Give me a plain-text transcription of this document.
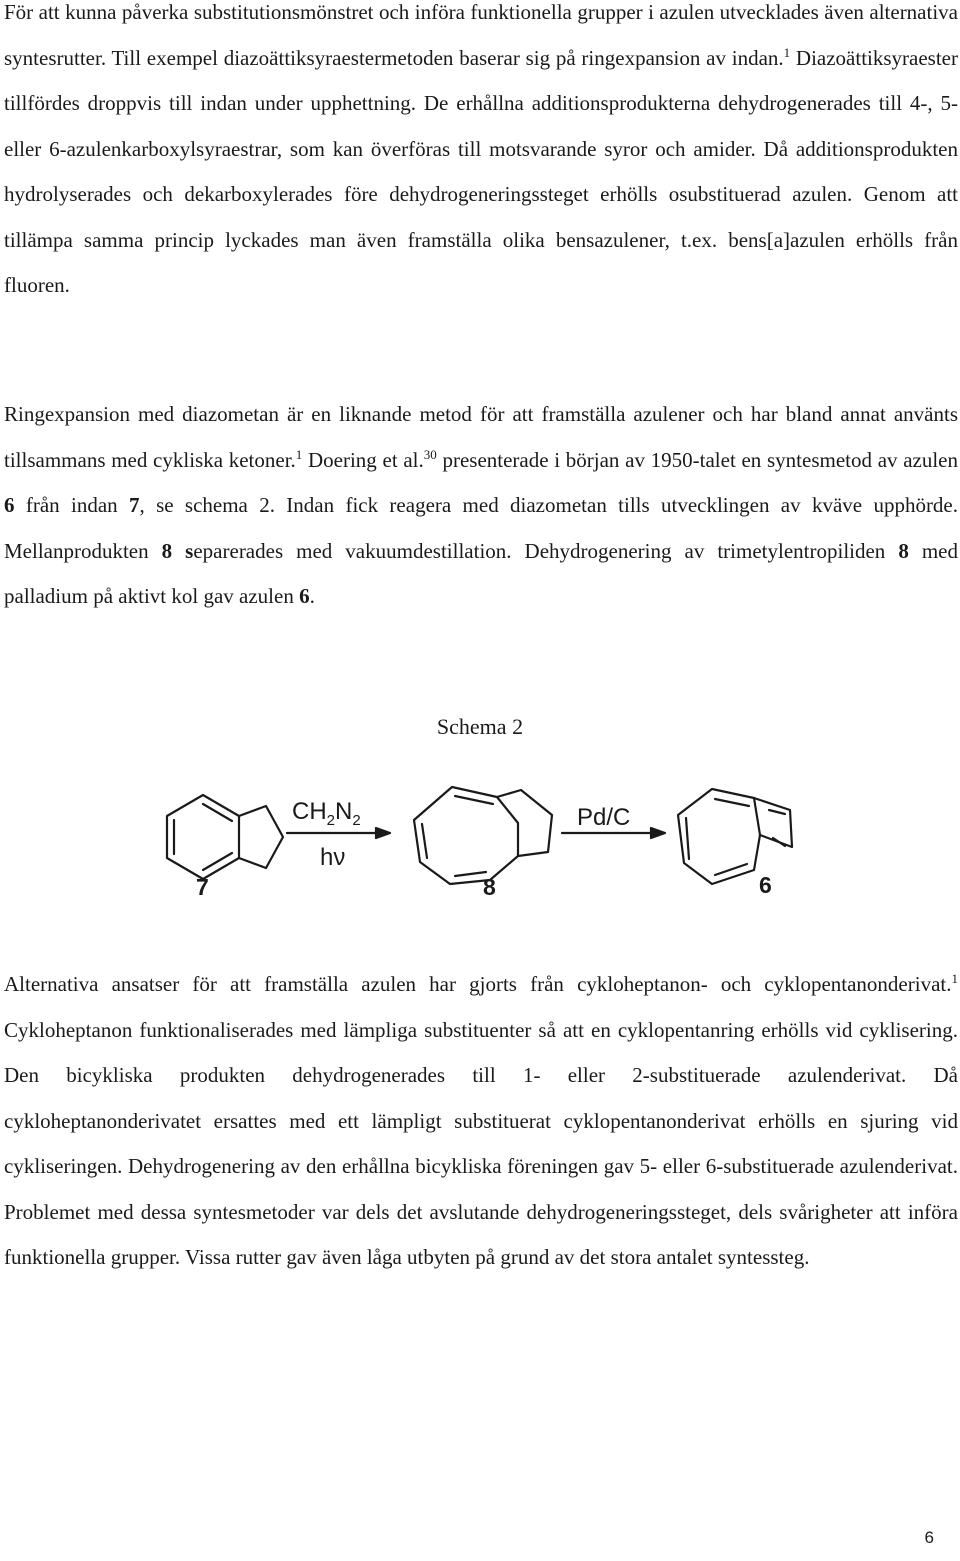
För att kunna påverka substitutionsmönstret och införa funktionella grupper i azulen utvecklades även alternativa syntesrutter. Till exempel diazoättiksyraestermetoden baserar sig på ringexpansion av indan.$^1$ Diazoättiksyraester tillfördes droppvis till indan under upphettning. De erhållna additionsprodukterna dehydrogenerades till 4-, 5- eller 6-azulenkarboxylsyraestrar, som kan överföras till motsvarande syror och amider. Då additionsprodukten hydrolyserades och dekarboxylerades före dehydrogeneringssteget erhölls osubstituerad azulen. Genom att tillämpa samma princip lyckades man även framställa olika bensazulener, t.ex. bens[a]azulen erhölls från fluoren.

Ringexpansion med diazometan är en liknande metod för att framställa azulener och har bland annat använts tillsammans med cykliska ketoner.$^1$ Doering et al.$^{30}$ presenterade i början av 1950-talet en syntesmetod av azulen 6 från indan 7, se schema 2. Indan fick reagera med diazometan tills utvecklingen av kväve upphörde. Mellanprodukten 8 separerades med vakuumdestillation. Dehydrogenering av trimetylentropiliden 8 med palladium på aktivt kol gav azulen 6.

Schema 2
$CH_2N_2$
hν
Pd/C
7	8	6

Alternativa ansatser för att framställa azulen har gjorts från cykloheptanon- och cyklopentanonderivat.$^1$ Cykloheptanon funktionaliserades med lämpliga substituenter så att en cyklopentanring erhölls vid cyklisering. Den bicykliska produkten dehydrogenerades till 1- eller 2-substituerade azulenderivat. Då cykloheptanonderivatet ersattes med ett lämpligt substituerat cyklopentanonderivat erhölls en sjuring vid cykliseringen. Dehydrogenering av den erhållna bicykliska föreningen gav 5- eller 6-substituerade azulenderivat. Problemet med dessa syntesmetoder var dels det avslutande dehydrogeneringssteget, dels svårigheter att införa funktionella grupper. Vissa rutter gav även låga utbyten på grund av det stora antalet syntessteg.

6
